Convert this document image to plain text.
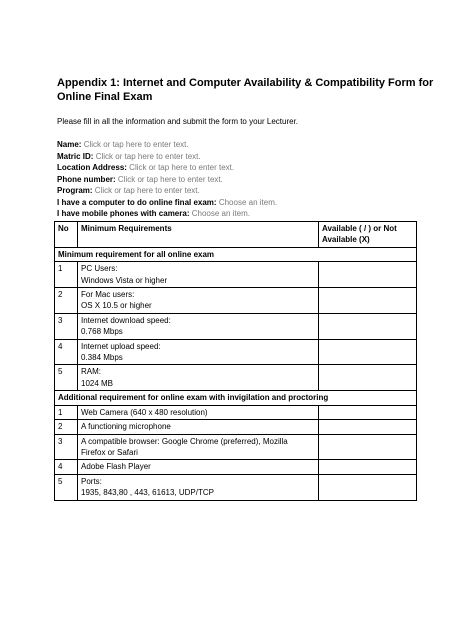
Appendix 1: Internet and Computer Availability & Compatibility Form for Online Final Exam
Please fill in all the information and submit the form to your Lecturer.
Name: Click or tap here to enter text.
Matric ID: Click or tap here to enter text.
Location Address: Click or tap here to enter text.
Phone number: Click or tap here to enter text.
Program: Click or tap here to enter text.
I have a computer to do online final exam: Choose an item.
I have mobile phones with camera: Choose an item.
No	Minimum Requirements	Available ( / ) or Not Available (X)
Minimum requirement for all online exam		
1	PC Users:
Windows Vista or higher	

2	For Mac users:
OS X 10.5 or higher	

3	Internet download speed:
0.768 Mbps	

4	Internet upload speed:
0.384 Mbps	

5	RAM:
1024 MB	

Additional requirement for online exam with invigilation and proctoring		
1	Web Camera (640 x 480 resolution)	

2	A functioning microphone	

3	A compatible browser: Google Chrome (preferred), Mozilla
Firefox or Safari	

4	Adobe Flash Player	

5	Ports:
1935, 843,80 , 443, 61613, UDP/TCP	
